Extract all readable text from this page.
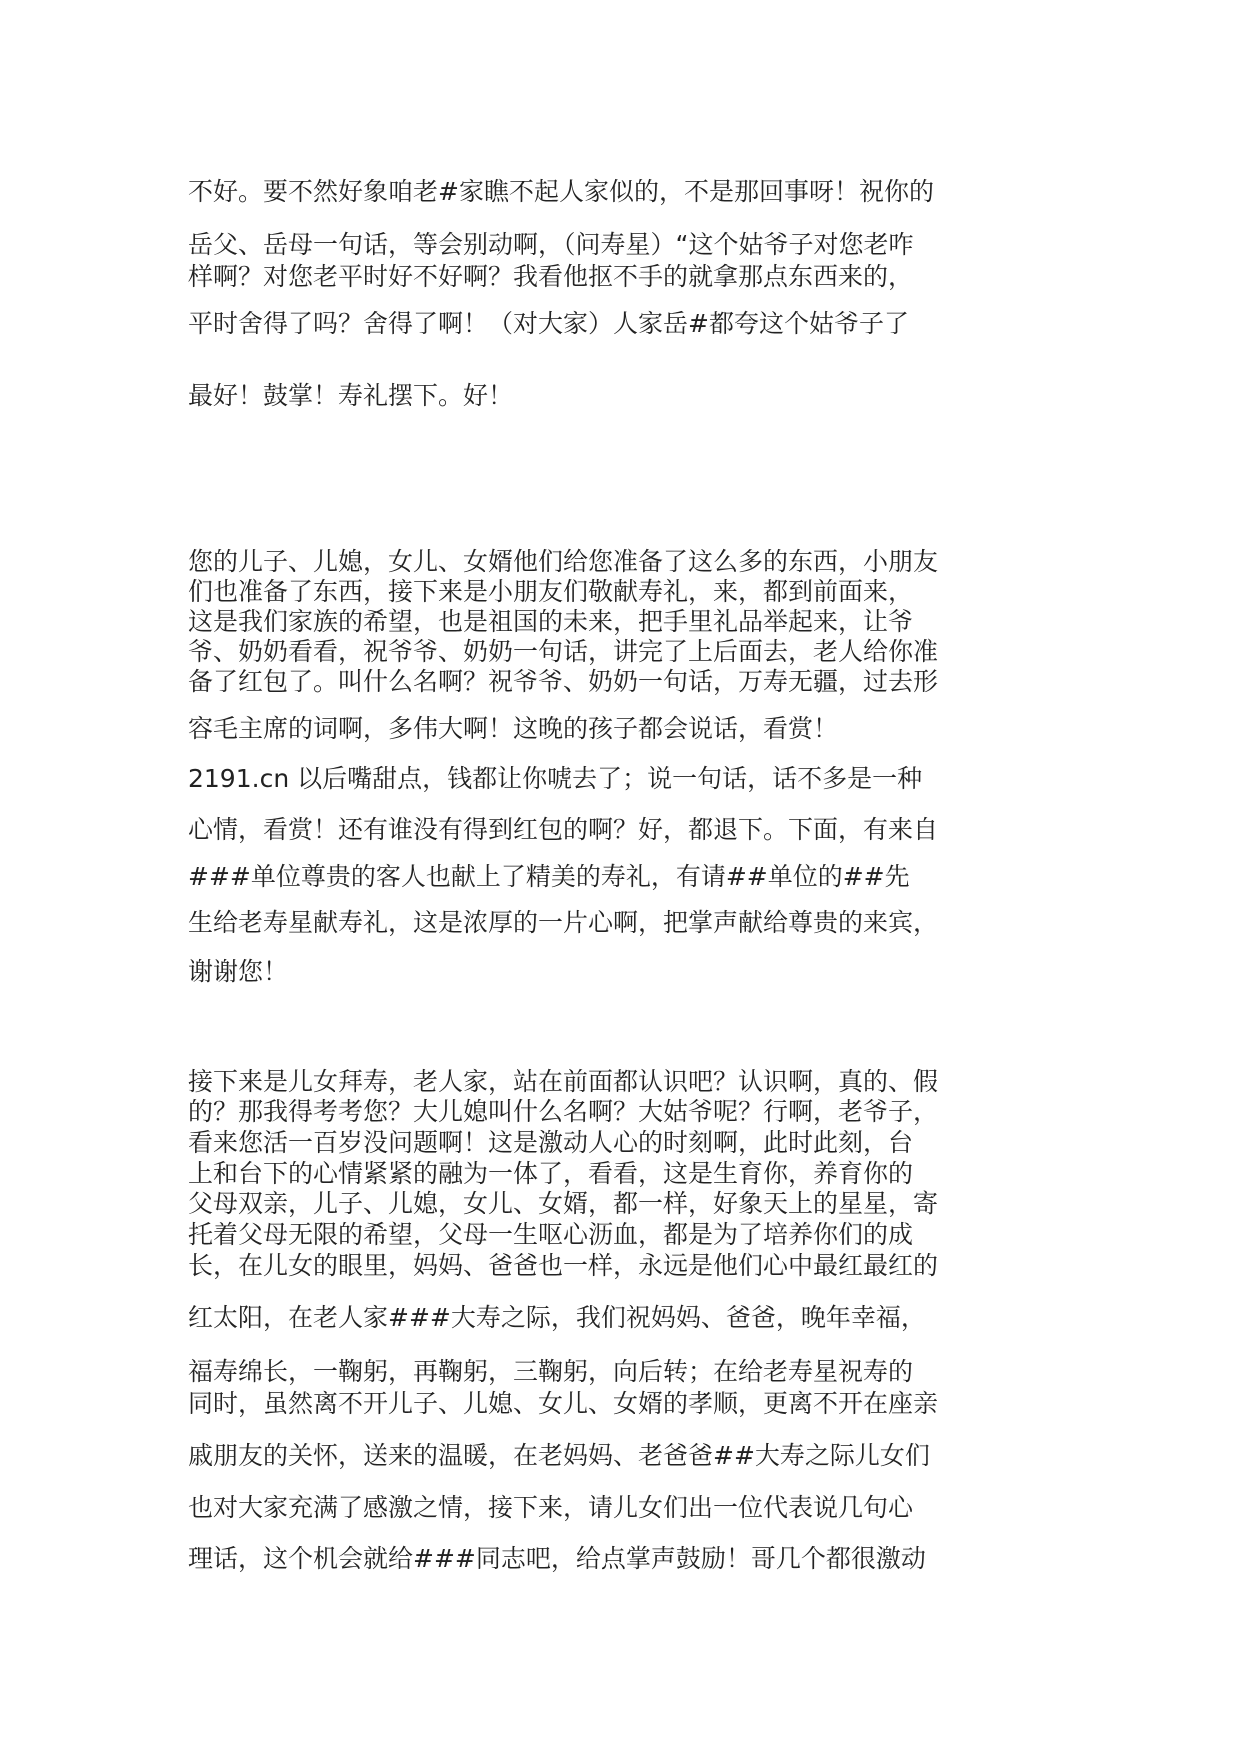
不好。要不然好象咱老#家瞧不起人家似的，不是那回事呀！祝你的

岳父、岳母一句话，等会别动啊，（问寿星）“这个姑爷子对您老咋

样啊？对您老平时好不好啊？我看他抠不手的就拿那点东西来的，

平时舍得了吗？舍得了啊！（对大家）人家岳#都夸这个姑爷子了

最好！鼓掌！寿礼摆下。好！

您的儿子、儿媳，女儿、女婿他们给您准备了这么多的东西，小朋友

们也准备了东西，接下来是小朋友们敬献寿礼，来，都到前面来，

这是我们家族的希望，也是祖国的未来，把手里礼品举起来，让爷

爷、奶奶看看，祝爷爷、奶奶一句话，讲完了上后面去，老人给你准

备了红包了。叫什么名啊？祝爷爷、奶奶一句话，万寿无疆，过去形

容毛主席的词啊，多伟大啊！这晚的孩子都会说话，看赏！

2191.cn 以后嘴甜点，钱都让你唬去了；说一句话，话不多是一种

心情，看赏！还有谁没有得到红包的啊？好，都退下。下面，有来自

###单位尊贵的客人也献上了精美的寿礼，有请##单位的##先

生给老寿星献寿礼，这是浓厚的一片心啊，把掌声献给尊贵的来宾，

谢谢您！

接下来是儿女拜寿，老人家，站在前面都认识吧？认识啊，真的、假

的？那我得考考您？大儿媳叫什么名啊？大姑爷呢？行啊，老爷子，

看来您活一百岁没问题啊！这是激动人心的时刻啊，此时此刻，台

上和台下的心情紧紧的融为一体了，看看，这是生育你，养育你的

父母双亲，儿子、儿媳，女儿、女婿，都一样，好象天上的星星，寄

托着父母无限的希望，父母一生呕心沥血，都是为了培养你们的成

长，在儿女的眼里，妈妈、爸爸也一样，永远是他们心中最红最红的

红太阳，在老人家###大寿之际，我们祝妈妈、爸爸，晚年幸福，

福寿绵长，一鞠躬，再鞠躬，三鞠躬，向后转；在给老寿星祝寿的

同时，虽然离不开儿子、儿媳、女儿、女婿的孝顺，更离不开在座亲

戚朋友的关怀，送来的温暖，在老妈妈、老爸爸##大寿之际儿女们

也对大家充满了感激之情，接下来，请儿女们出一位代表说几句心

理话，这个机会就给###同志吧，给点掌声鼓励！哥几个都很激动
